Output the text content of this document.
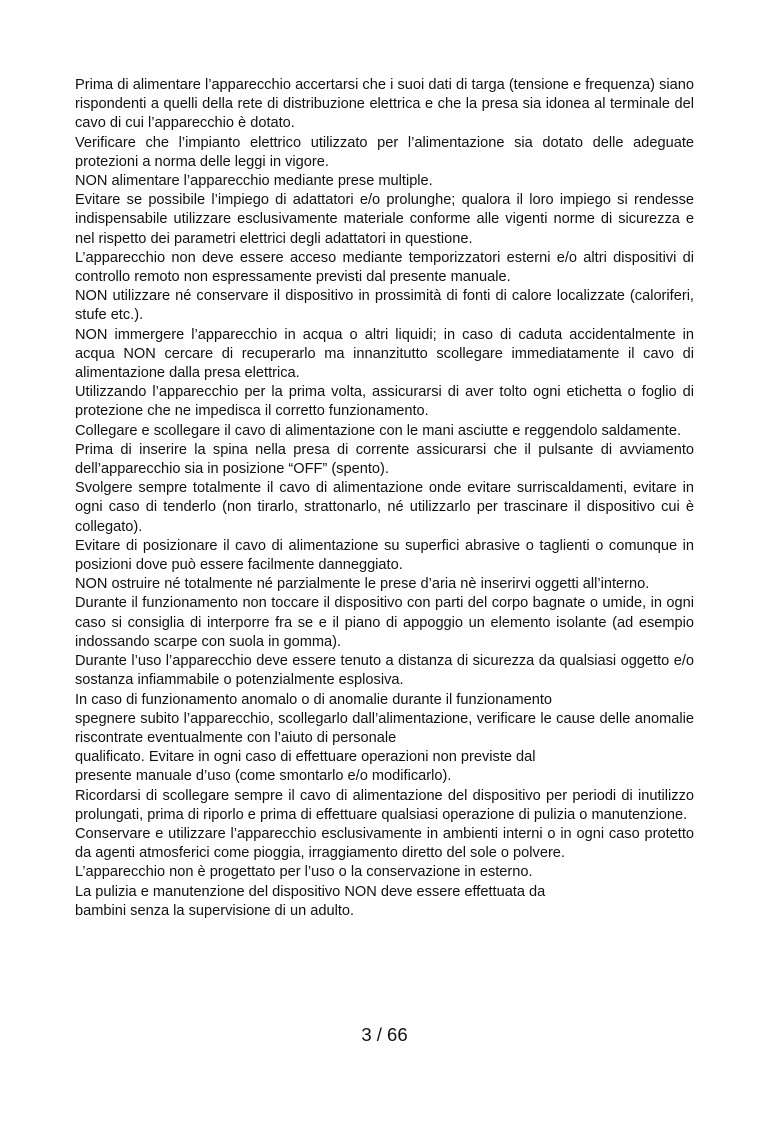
Prima di alimentare l’apparecchio accertarsi che i suoi dati di targa (tensione e frequenza) siano rispondenti a quelli della rete di distribuzione elettrica e che la presa sia idonea al terminale del cavo di cui l’apparecchio è dotato.

Verificare che l’impianto elettrico utilizzato per l’alimentazione sia dotato delle adeguate protezioni a norma delle leggi in vigore.

NON alimentare l’apparecchio mediante prese multiple.

Evitare se possibile l’impiego di adattatori e/o prolunghe; qualora il loro impiego si rendesse indispensabile utilizzare esclusivamente materiale conforme alle vigenti norme di sicurezza e nel rispetto dei parametri elettrici degli adattatori in questione.

L’apparecchio non deve essere acceso mediante temporizzatori esterni e/o altri dispositivi di controllo remoto non espressamente previsti dal presente manuale.

NON utilizzare né conservare il dispositivo in prossimità di fonti di calore localizzate (caloriferi, stufe etc.).

NON immergere l’apparecchio in acqua o altri liquidi; in caso di caduta accidentalmente in acqua NON cercare di recuperarlo ma innanzitutto scollegare immediatamente il cavo di alimentazione dalla presa elettrica.

Utilizzando l’apparecchio per la prima volta, assicurarsi di aver tolto ogni etichetta o foglio di protezione che ne impedisca il corretto funzionamento.

Collegare e scollegare il cavo di alimentazione con le mani asciutte e reggendolo saldamente.

Prima di inserire la spina nella presa di corrente assicurarsi che il pulsante di avviamento dell’apparecchio sia in posizione “OFF” (spento).

Svolgere sempre totalmente il cavo di alimentazione onde evitare surriscaldamenti, evitare in ogni caso di tenderlo (non tirarlo, strattonarlo, né utilizzarlo per trascinare il dispositivo cui è collegato).

Evitare di posizionare il cavo di alimentazione su superfici abrasive o taglienti o comunque in posizioni dove può essere facilmente danneggiato.

NON ostruire né totalmente né parzialmente le prese d’aria nè inserirvi oggetti all’interno.

Durante il funzionamento non toccare il dispositivo con parti del corpo bagnate o umide, in ogni caso si consiglia di interporre fra se e il piano di appoggio un elemento isolante (ad esempio indossando scarpe con suola in gomma).

Durante l’uso l’apparecchio deve essere tenuto a distanza di sicurezza da qualsiasi oggetto e/o sostanza infiammabile o potenzialmente esplosiva.

In caso di funzionamento anomalo o di anomalie durante il funzionamento

spegnere subito l’apparecchio, scollegarlo dall’alimentazione, verificare le cause delle anomalie riscontrate eventualmente con l’aiuto di personale

qualificato. Evitare in ogni caso di effettuare operazioni non previste dal

presente manuale d’uso (come smontarlo e/o modificarlo).

Ricordarsi di scollegare sempre il cavo di alimentazione del dispositivo per periodi di inutilizzo prolungati, prima di riporlo e prima di effettuare qualsiasi operazione di pulizia o manutenzione.

Conservare e utilizzare l’apparecchio esclusivamente in ambienti interni o in ogni caso protetto da agenti atmosferici come pioggia, irraggiamento diretto del sole o polvere.

L’apparecchio non è progettato per l’uso o la conservazione in esterno.

La pulizia e manutenzione del dispositivo NON deve essere effettuata da

bambini senza la supervisione di un adulto.

3 / 66
